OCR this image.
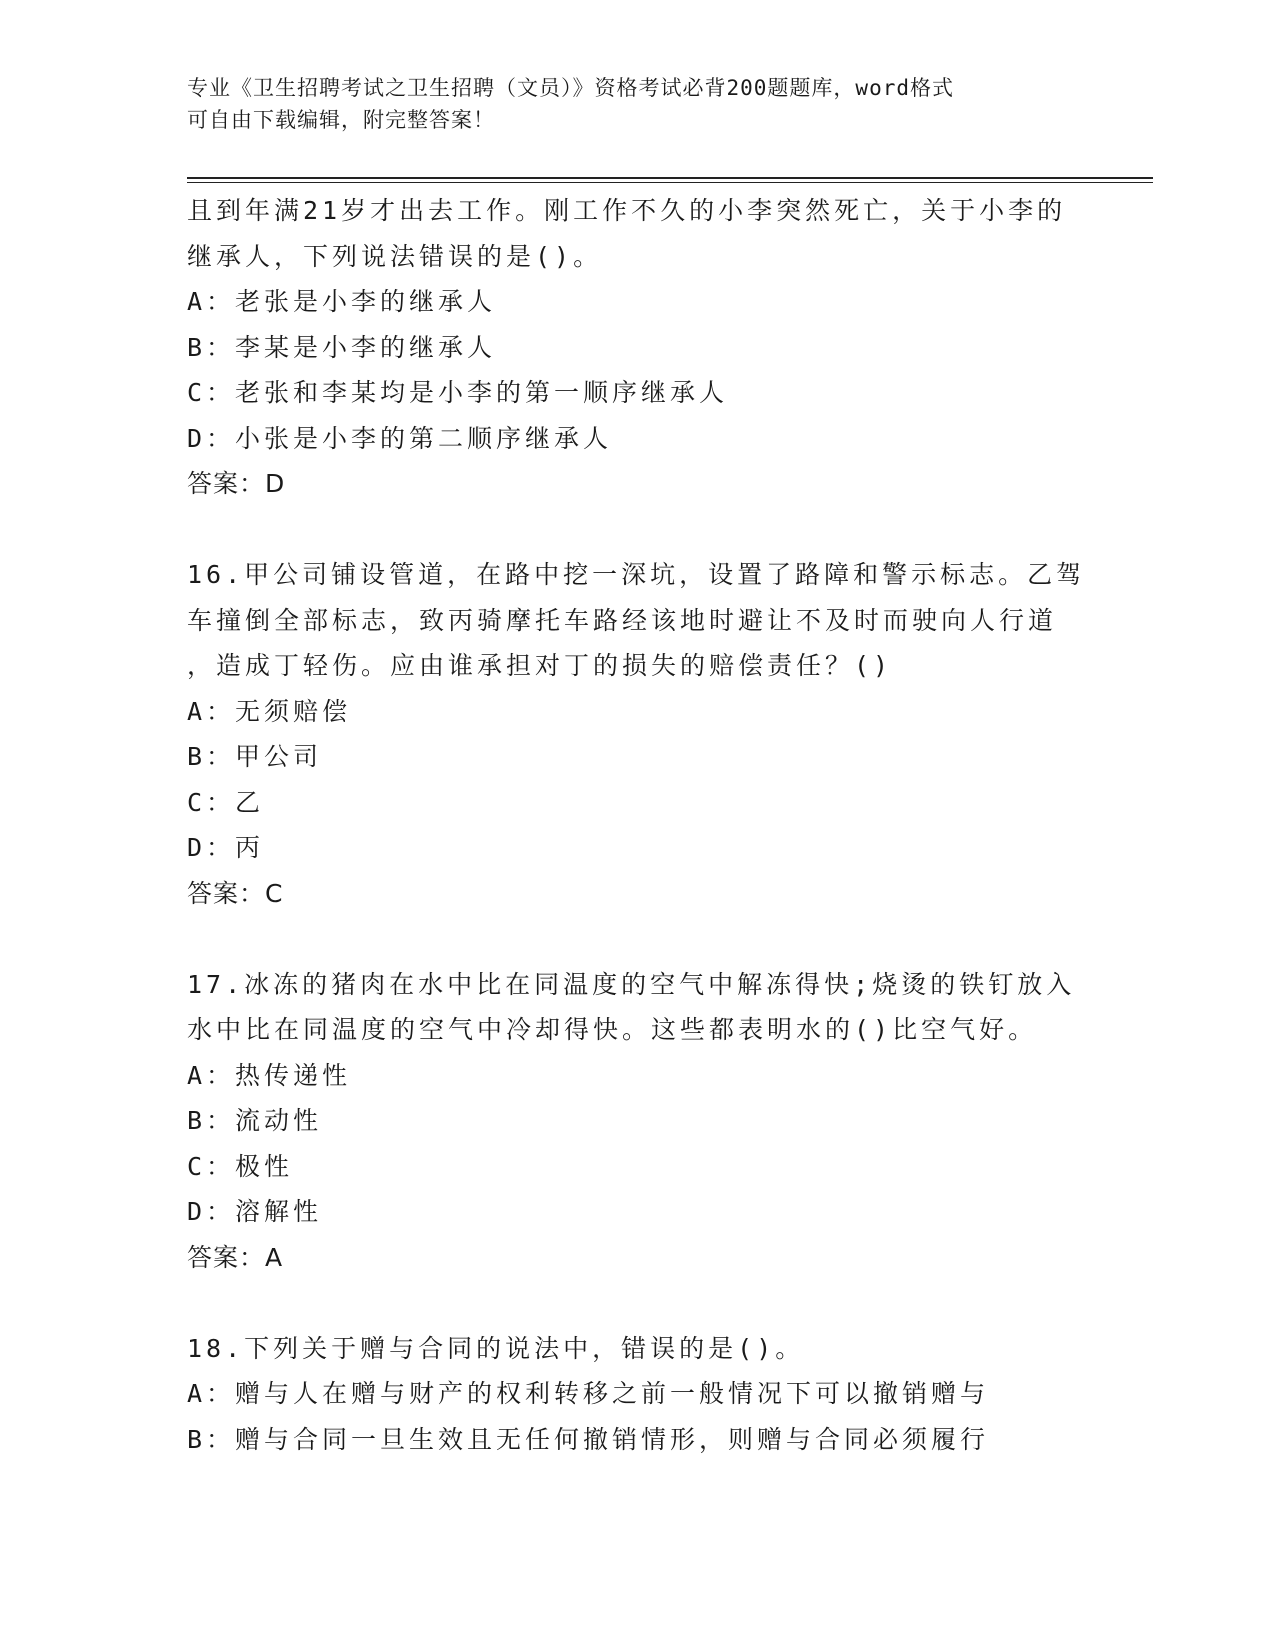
专业《卫生招聘考试之卫生招聘（文员）》资格考试必背200题题库，word格式
可自由下载编辑，附完整答案！
且到年满21岁才出去工作。刚工作不久的小李突然死亡，关于小李的
继承人，下列说法错误的是()。
A：老张是小李的继承人
B：李某是小李的继承人
C：老张和李某均是小李的第一顺序继承人
D：小张是小李的第二顺序继承人
答案：D
16.甲公司铺设管道，在路中挖一深坑，设置了路障和警示标志。乙驾
车撞倒全部标志，致丙骑摩托车路经该地时避让不及时而驶向人行道
，造成丁轻伤。应由谁承担对丁的损失的赔偿责任？()
A：无须赔偿
B：甲公司
C：乙
D：丙
答案：C
17.冰冻的猪肉在水中比在同温度的空气中解冻得快;烧烫的铁钉放入
水中比在同温度的空气中冷却得快。这些都表明水的()比空气好。
A：热传递性
B：流动性
C：极性
D：溶解性
答案：A
18.下列关于赠与合同的说法中，错误的是()。
A：赠与人在赠与财产的权利转移之前一般情况下可以撤销赠与
B：赠与合同一旦生效且无任何撤销情形，则赠与合同必须履行
